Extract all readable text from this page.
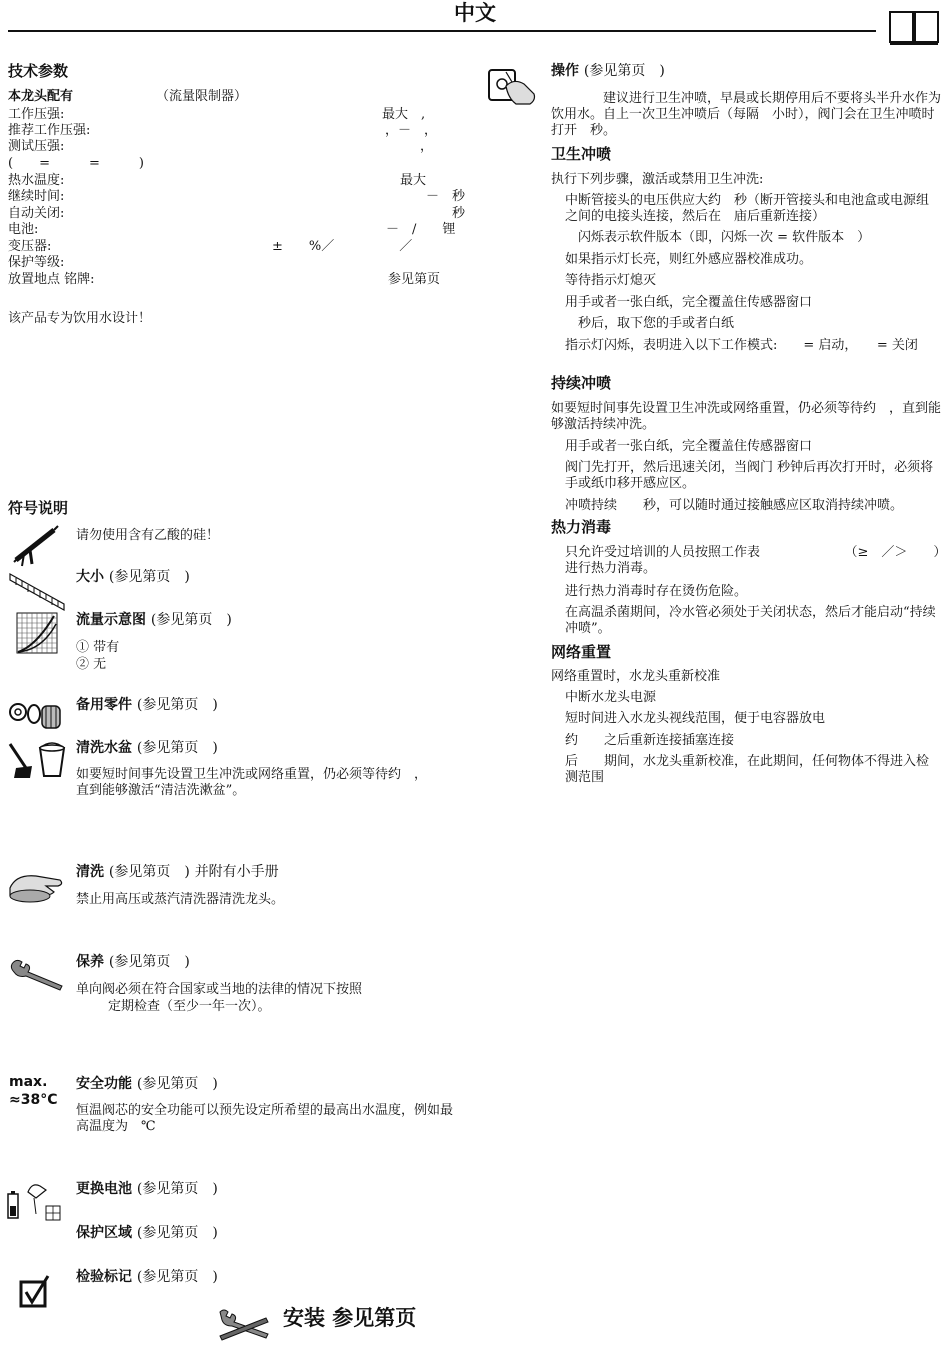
中文
技术参数
本龙头配有	（流量限制器）
工作压强:	最大　,
推荐工作压强:	，－　，
测试压强:	，
(　　=　　　=　　　)
热水温度:	最大
继续时间:	－　秒
自动关闭:	秒
电池:	－　/　　锂
变压器:	±　　%／　　　　　／
保护等级:
放置地点 铭牌:	参见第页
该产品专为饮用水设计！
符号说明
请勿使用含有乙酸的硅！
大小 (参见第页　)
流量示意图 (参见第页　)
① 带有
② 无
备用零件 (参见第页　)
清洗水盆 (参见第页　)
如要短时间事先设置卫生冲洗或网络重置，仍必须等待约　，直到能够激活“清洁洗漱盆”。
清洗 (参见第页　) 并附有小手册
禁止用高压或蒸汽清洗器清洗龙头。
保养 (参见第页　)
单向阀必须在符合国家或当地的法律的情况下按照
定期检查（至少一年一次）。
max.
≈38°C
安全功能 (参见第页　)
恒温阀芯的安全功能可以预先设定所希望的最高出水温度，例如最高温度为　℃
更换电池 (参见第页　)
保护区域 (参见第页　)
检验标记 (参见第页　)
安装 参见第页
操作 (参见第页　)
　　　　建议进行卫生冲喷，早晨或长期停用后不要将头半升水作为饮用水。自上一次卫生冲喷后（每隔　小时），阀门会在卫生冲喷时打开　秒。
卫生冲喷
执行下列步骤，激活或禁用卫生冲洗:
中断管接头的电压供应大约　秒（断开管接头和电池盒或电源组之间的电接头连接，然后在　庙后重新连接）
　闪烁表示软件版本（即，闪烁一次 = 软件版本　）
如果指示灯长亮，则红外感应器校准成功。
等待指示灯熄灭
用手或者一张白纸，完全覆盖住传感器窗口
　秒后，取下您的手或者白纸
指示灯闪烁，表明进入以下工作模式:　　= 启动，　　= 关闭
持续冲喷
如要短时间事先设置卫生冲洗或网络重置，仍必须等待约　，直到能够激活持续冲洗。
用手或者一张白纸，完全覆盖住传感器窗口
阀门先打开，然后迅速关闭，当阀门 秒钟后再次打开时，必须将手或纸巾移开感应区。
冲喷持续　　秒，可以随时通过接触感应区取消持续冲喷。
热力消毒
只允许受过培训的人员按照工作表　　　　　　　（≥　／＞　　）进行热力消毒。
进行热力消毒时存在烫伤危险。
在高温杀菌期间，冷水管必须处于关闭状态，然后才能启动“持续冲喷”。
网络重置
网络重置时，水龙头重新校准
中断水龙头电源
短时间进入水龙头视线范围，便于电容器放电
约　　之后重新连接插塞连接
后　　期间，水龙头重新校准，在此期间，任何物体不得进入检测范围
